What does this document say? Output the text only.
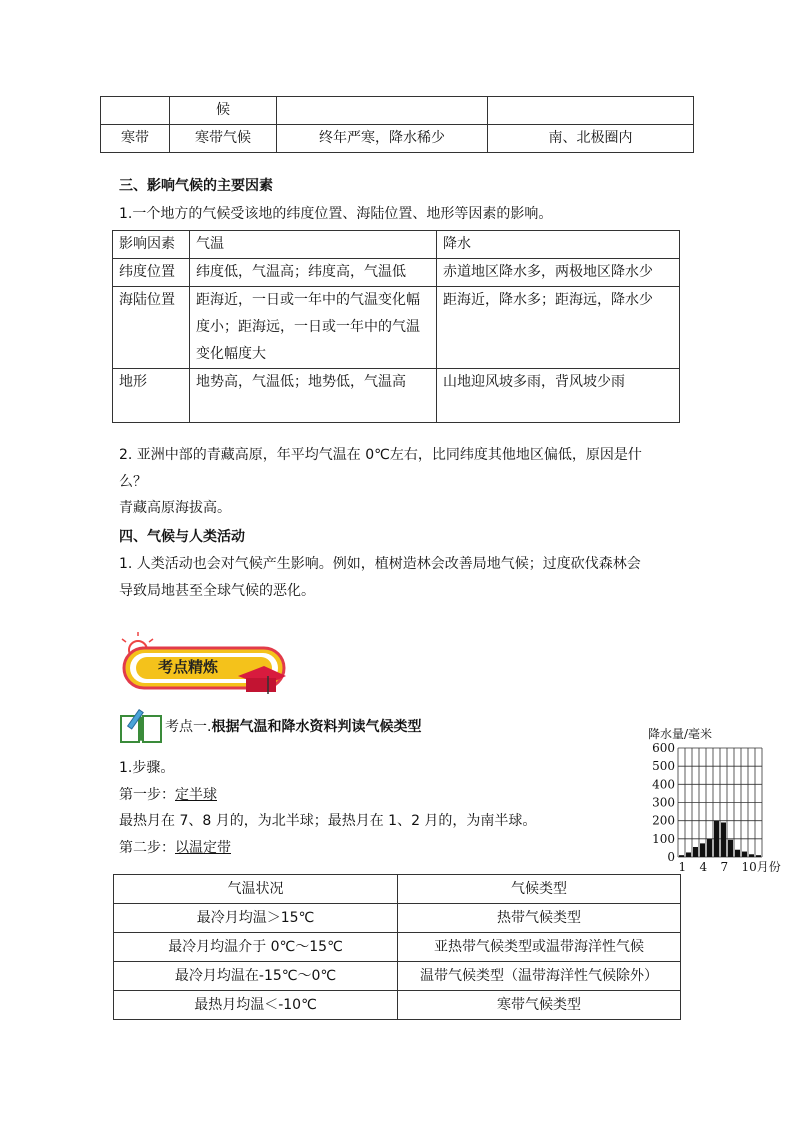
	候		
寒带	寒带气候	终年严寒，降水稀少	南、北极圈内
三、影响气候的主要因素
1.一个地方的气候受该地的纬度位置、海陆位置、地形等因素的影响。
影响因素	气温	降水
纬度位置	纬度低，气温高；纬度高，气温低	赤道地区降水多，两极地区降水少
海陆位置	距海近，一日或一年中的气温变化幅度小；距海远，一日或一年中的气温变化幅度大	距海近，降水多；距海远，降水少
地形	地势高，气温低；地势低，气温高	山地迎风坡多雨，背风坡少雨
2. 亚洲中部的青藏高原，年平均气温在 0℃左右，比同纬度其他地区偏低，原因是什
么？
青藏高原海拔高。
四、气候与人类活动
1. 人类活动也会对气候产生影响。例如，植树造林会改善局地气候；过度砍伐森林会
导致局地甚至全球气候的恶化。
考点精炼
考点一.根据气温和降水资料判读气候类型
1.步骤。
第一步：定半球
最热月在 7、8 月的，为北半球；最热月在 1、2 月的，为南半球。
第二步：以温定带
降水量/毫米
600
500
400
300
200
100
0
1 4 7 10月份
气温状况	气候类型
最冷月均温＞15℃	热带气候类型
最冷月均温介于 0℃～15℃	亚热带气候类型或温带海洋性气候
最冷月均温在-15℃～0℃	温带气候类型（温带海洋性气候除外）
最热月均温＜-10℃	寒带气候类型
